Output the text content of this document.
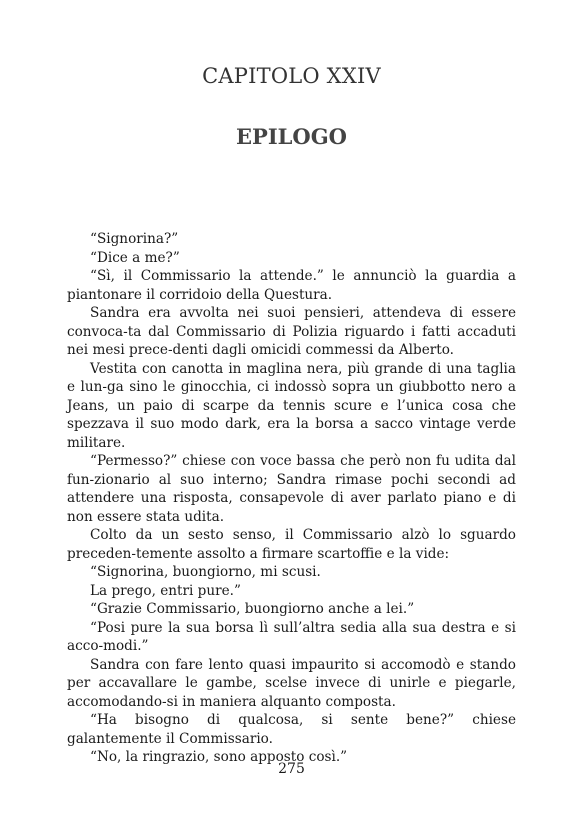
CAPITOLO XXIV
EPILOGO

“Signorina?”

“Dice a me?”

“Sì, il Commissario la attende.” le annunciò la guardia a piantonare il corridoio della Questura.

Sandra era avvolta nei suoi pensieri, attendeva di essere convoca-ta dal Commissario di Polizia riguardo i fatti accaduti nei mesi prece-denti dagli omicidi commessi da Alberto.

Vestita con canotta in maglina nera, più grande di una taglia e lun-ga sino le ginocchia, ci indossò sopra un giubbotto nero a Jeans, un paio di scarpe da tennis scure e l’unica cosa che spezzava il suo modo dark, era la borsa a sacco vintage verde militare.

“Permesso?” chiese con voce bassa che però non fu udita dal fun-zionario al suo interno; Sandra rimase pochi secondi ad attendere una risposta, consapevole di aver parlato piano e di non essere stata udita.

Colto da un sesto senso, il Commissario alzò lo sguardo preceden-temente assolto a firmare scartoffie e la vide:

“Signorina, buongiorno, mi scusi.

La prego, entri pure.”

“Grazie Commissario, buongiorno anche a lei.”

“Posi pure la sua borsa lì sull’altra sedia alla sua destra e si acco-modi.”

Sandra con fare lento quasi impaurito si accomodò e stando per accavallare le gambe, scelse invece di unirle e piegarle, accomodando-si in maniera alquanto composta.

“Ha bisogno di qualcosa, si sente bene?” chiese galantemente il Commissario.

“No, la ringrazio, sono apposto così.”

275
